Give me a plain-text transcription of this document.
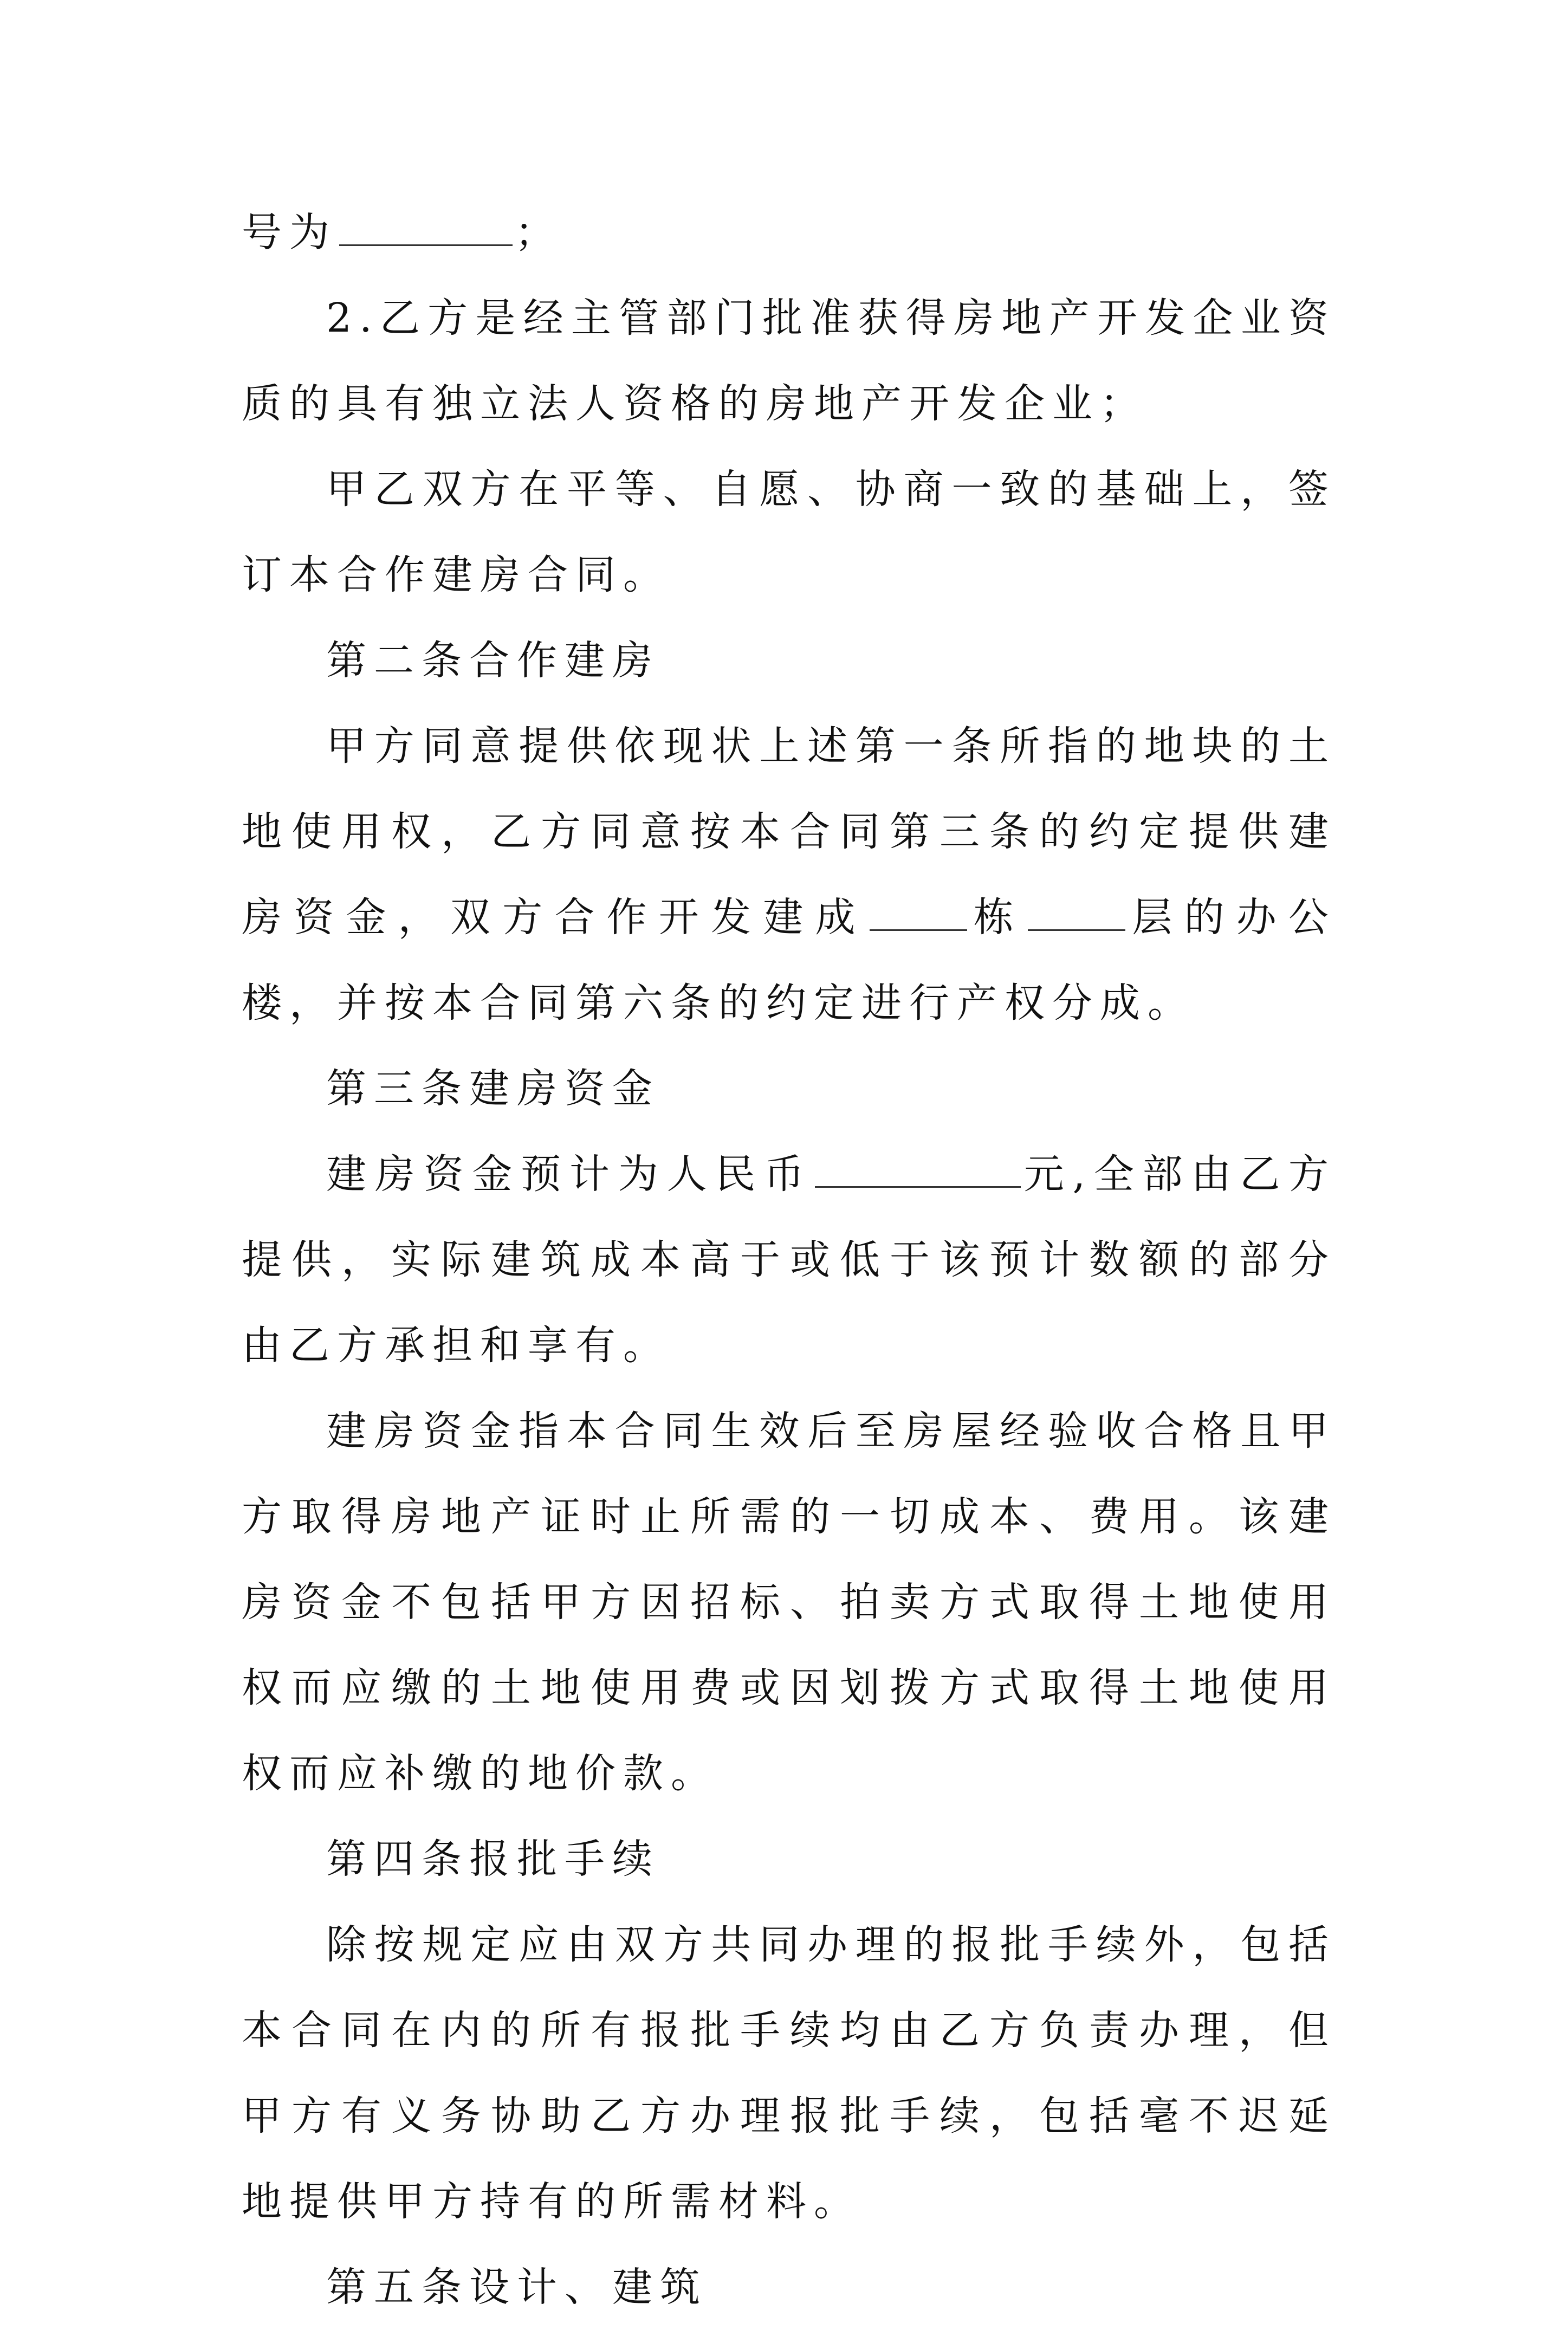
号为	；

2.乙方是经主管部门批准获得房地产开发企业资质的具有独立法人资格的房地产开发企业；

甲乙双方在平等、自愿、协商一致的基础上，签订本合作建房合同。

第二条合作建房

甲方同意提供依现状上述第一条所指的地块的土地使用权，乙方同意按本合同第三条的约定提供建房资金，双方合作开发建成	栋	层的办公楼，并按本合同第六条的约定进行产权分成。

第三条建房资金

建房资金预计为人民币	元,全部由乙方提供，实际建筑成本高于或低于该预计数额的部分由乙方承担和享有。

建房资金指本合同生效后至房屋经验收合格且甲方取得房地产证时止所需的一切成本、费用。该建房资金不包括甲方因招标、拍卖方式取得土地使用权而应缴的土地使用费或因划拨方式取得土地使用权而应补缴的地价款。

第四条报批手续

除按规定应由双方共同办理的报批手续外，包括本合同在内的所有报批手续均由乙方负责办理，但甲方有义务协助乙方办理报批手续，包括毫不迟延地提供甲方持有的所需材料。

第五条设计、建筑
